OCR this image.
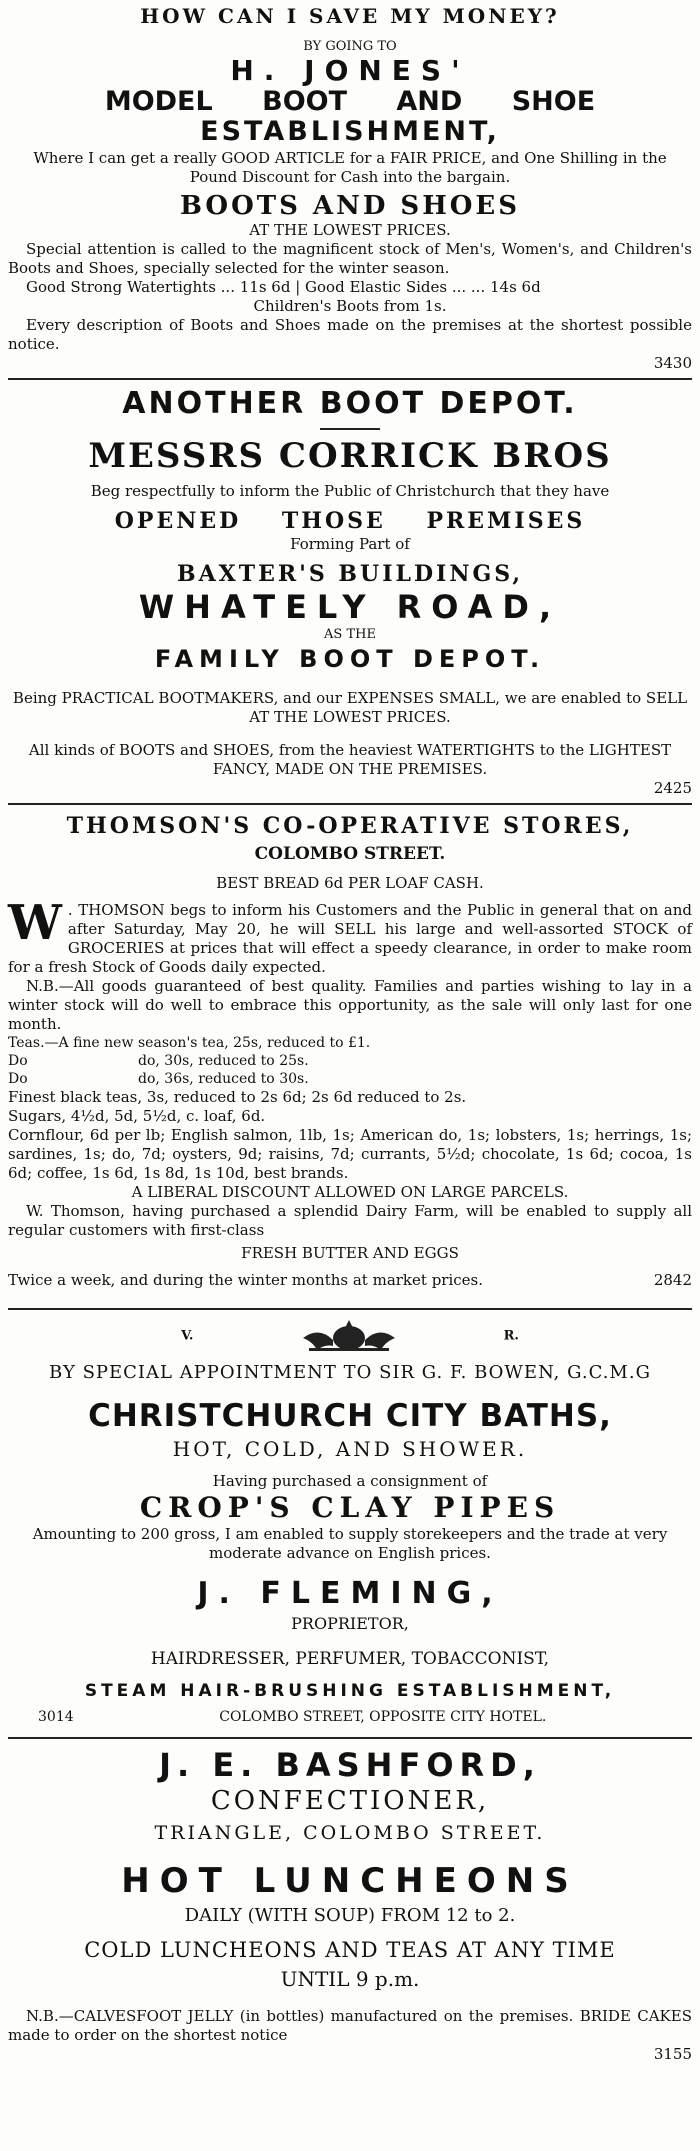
HOW CAN I SAVE MY MONEY?
BY GOING TO
H. JONES'
MODEL BOOT AND SHOE
ESTABLISHMENT,
Where I can get a really GOOD ARTICLE for a FAIR PRICE, and One Shilling in the Pound Discount for Cash into the bargain.
BOOTS AND SHOES
AT THE LOWEST PRICES.
Special attention is called to the magnificent stock of Men's, Women's, and Children's Boots and Shoes, specially selected for the winter season.
Good Strong Watertights ... 11s 6d | Good Elastic Sides ... ... 14s 6d
Children's Boots from 1s.
Every description of Boots and Shoes made on the premises at the shortest possible notice.
3430
ANOTHER BOOT DEPOT.
MESSRS CORRICK BROS
Beg respectfully to inform the Public of Christchurch that they have
OPENED THOSE PREMISES
Forming Part of
BAXTER'S BUILDINGS,
WHATELY ROAD,
AS THE
FAMILY BOOT DEPOT.
Being PRACTICAL BOOTMAKERS, and our EXPENSES SMALL, we are enabled to SELL AT THE LOWEST PRICES.
All kinds of BOOTS and SHOES, from the heaviest WATERTIGHTS to the LIGHTEST FANCY, MADE ON THE PREMISES.
2425
THOMSON'S CO-OPERATIVE STORES,
COLOMBO STREET.
BEST BREAD 6d PER LOAF CASH.
W . THOMSON begs to inform his Customers and the Public in general that on and after Saturday, May 20, he will SELL his large and well-assorted STOCK of GROCERIES at prices that will effect a speedy clearance, in order to make room for a fresh Stock of Goods daily expected.
N.B.—All goods guaranteed of best quality. Families and parties wishing to lay in a winter stock will do well to embrace this opportunity, as the sale will only last for one month.
Teas.—A fine new season's tea, 25s, reduced to £1.
Do	do, 30s, reduced to 25s.
Do	do, 36s, reduced to 30s.
Finest black teas, 3s, reduced to 2s 6d; 2s 6d reduced to 2s.
Sugars, 4½d, 5d, 5½d, c. loaf, 6d.
Cornflour, 6d per lb; English salmon, 1lb, 1s; American do, 1s; lobsters, 1s; herrings, 1s; sardines, 1s; do, 7d; oysters, 9d; raisins, 7d; currants, 5½d; chocolate, 1s 6d; cocoa, 1s 6d; coffee, 1s 6d, 1s 8d, 1s 10d, best brands.
A LIBERAL DISCOUNT ALLOWED ON LARGE PARCELS.
W. Thomson, having purchased a splendid Dairy Farm, will be enabled to supply all regular customers with first-class
FRESH BUTTER AND EGGS
Twice a week, and during the winter months at market prices.	2842
V.	R.
BY SPECIAL APPOINTMENT TO SIR G. F. BOWEN, G.C.M.G
CHRISTCHURCH CITY BATHS,
HOT, COLD, AND SHOWER.
Having purchased a consignment of
CROP'S CLAY PIPES
Amounting to 200 gross, I am enabled to supply storekeepers and the trade at very moderate advance on English prices.
J. FLEMING,
PROPRIETOR,
HAIRDRESSER, PERFUMER, TOBACCONIST,
STEAM HAIR-BRUSHING ESTABLISHMENT,
3014	COLOMBO STREET, OPPOSITE CITY HOTEL.
J. E. BASHFORD,
CONFECTIONER,
TRIANGLE, COLOMBO STREET.
HOT LUNCHEONS
DAILY (WITH SOUP) FROM 12 to 2.
COLD LUNCHEONS AND TEAS AT ANY TIME
UNTIL 9 p.m.
N.B.—CALVESFOOT JELLY (in bottles) manufactured on the premises. BRIDE CAKES made to order on the shortest notice
3155
